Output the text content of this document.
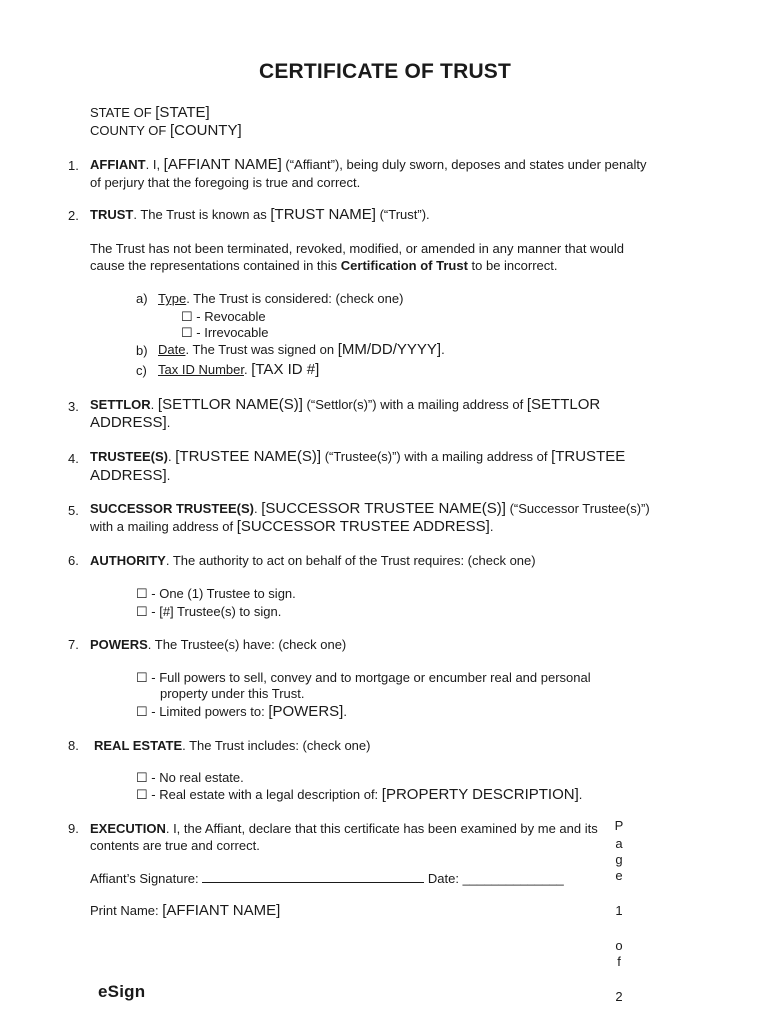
CERTIFICATE OF TRUST
STATE OF [STATE]
COUNTY OF [COUNTY]
1. AFFIANT. I, [AFFIANT NAME] (“Affiant”), being duly sworn, deposes and states under penalty
of perjury that the foregoing is true and correct.
2. TRUST. The Trust is known as [TRUST NAME] (“Trust”).
The Trust has not been terminated, revoked, modified, or amended in any manner that would
cause the representations contained in this Certification of Trust to be incorrect.
a) Type. The Trust is considered: (check one)
☐ - Revocable
☐ - Irrevocable
b) Date. The Trust was signed on [MM/DD/YYYY].
c) Tax ID Number. [TAX ID #]
3. SETTLOR. [SETTLOR NAME(S)] (“Settlor(s)”) with a mailing address of [SETTLOR
ADDRESS].
4. TRUSTEE(S). [TRUSTEE NAME(S)] (“Trustee(s)”) with a mailing address of [TRUSTEE
ADDRESS].
5. SUCCESSOR TRUSTEE(S). [SUCCESSOR TRUSTEE NAME(S)] (“Successor Trustee(s)”)
with a mailing address of [SUCCESSOR TRUSTEE ADDRESS].
6. AUTHORITY. The authority to act on behalf of the Trust requires: (check one)
☐ - One (1) Trustee to sign.
☐ - [#] Trustee(s) to sign.
7. POWERS. The Trustee(s) have: (check one)
☐ - Full powers to sell, convey and to mortgage or encumber real and personal
property under this Trust.
☐ - Limited powers to: [POWERS].
8. REAL ESTATE. The Trust includes: (check one)
☐ - No real estate.
☐ - Real estate with a legal description of: [PROPERTY DESCRIPTION].
9. EXECUTION. I, the Affiant, declare that this certificate has been examined by me and its
contents are true and correct.
Affiant’s Signature:	Date: ______________
Print Name: [AFFIANT NAME]
P
a
g
e
1
o
f
2
eSign
